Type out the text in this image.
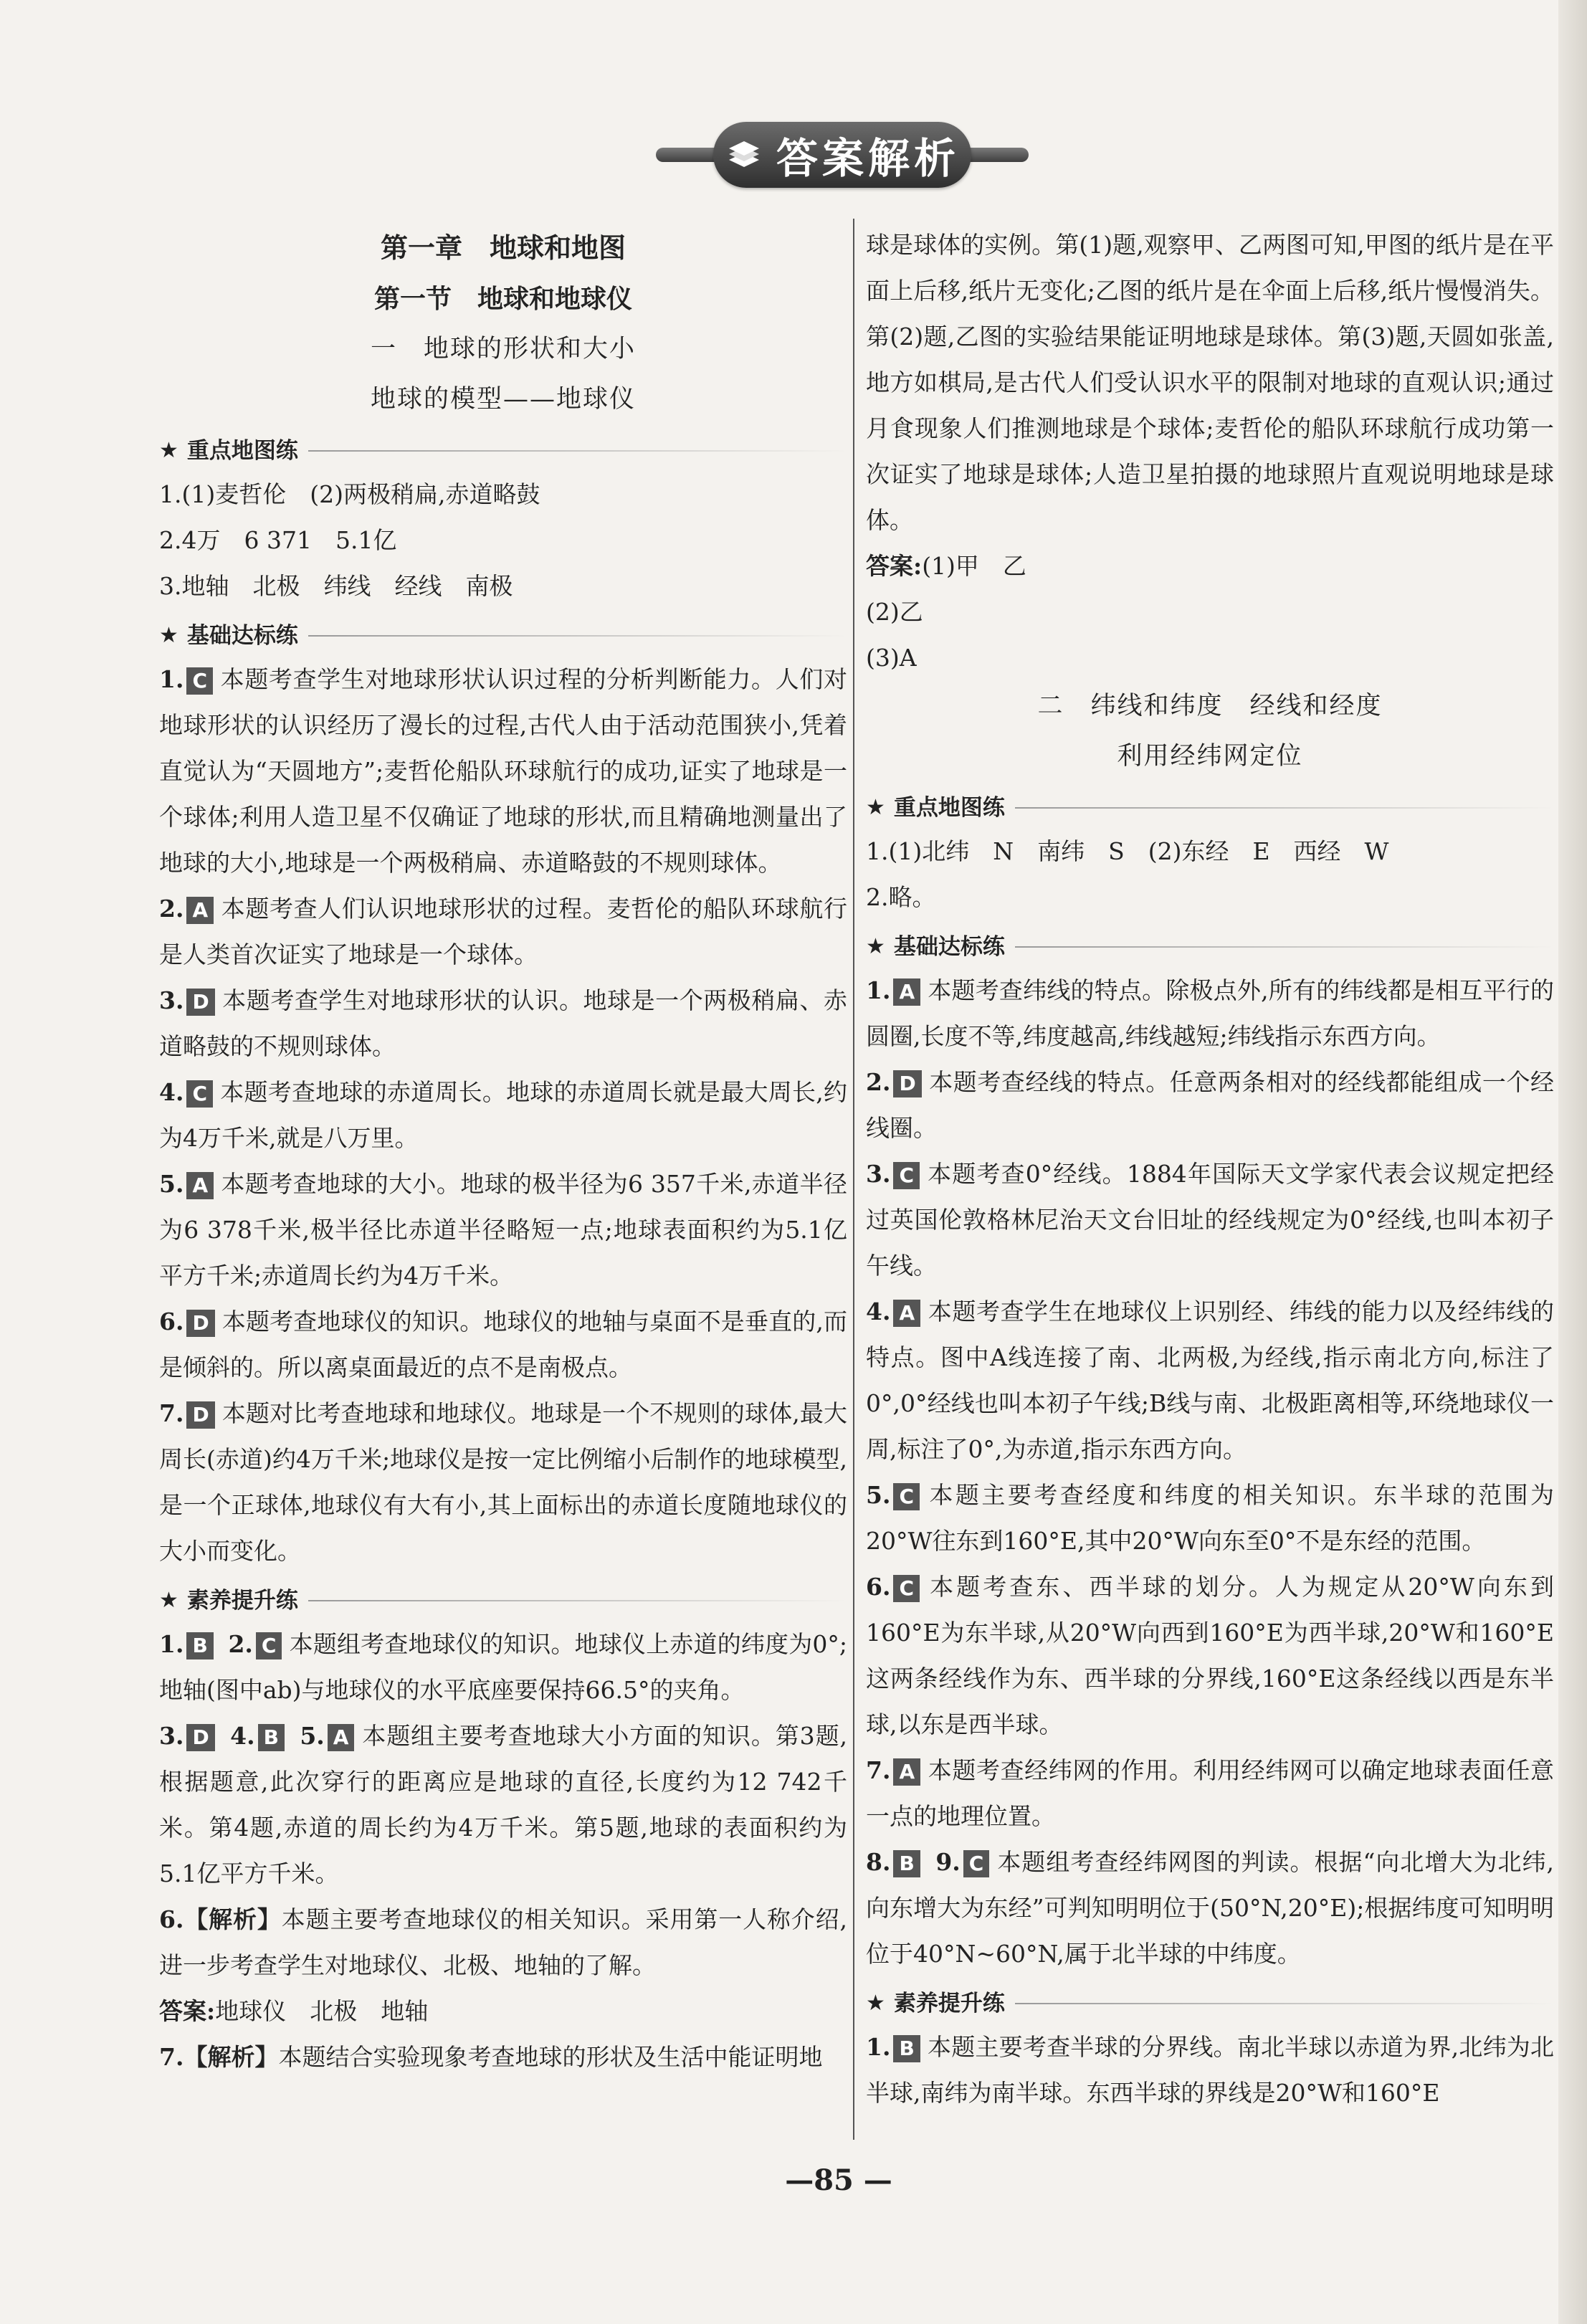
答案解析
第一章　地球和地图
第一节　地球和地球仪
一　地球的形状和大小
地球的模型——地球仪
★ 重点地图练
1.(1)麦哲伦　(2)两极稍扁,赤道略鼓
2.4万　6 371　5.1亿
3.地轴　北极　纬线　经线　南极
★ 基础达标练
1. C 本题考查学生对地球形状认识过程的分析判断能力。人们对地球形状的认识经历了漫长的过程,古代人由于活动范围狭小,凭着直觉认为“天圆地方”;麦哲伦船队环球航行的成功,证实了地球是一个球体;利用人造卫星不仅确证了地球的形状,而且精确地测量出了地球的大小,地球是一个两极稍扁、赤道略鼓的不规则球体。
2. A 本题考查人们认识地球形状的过程。麦哲伦的船队环球航行是人类首次证实了地球是一个球体。
3. D 本题考查学生对地球形状的认识。地球是一个两极稍扁、赤道略鼓的不规则球体。
4. C 本题考查地球的赤道周长。地球的赤道周长就是最大周长,约为4万千米,就是八万里。
5. A 本题考查地球的大小。地球的极半径为6 357千米,赤道半径为6 378千米,极半径比赤道半径略短一点;地球表面积约为5.1亿平方千米;赤道周长约为4万千米。
6. D 本题考查地球仪的知识。地球仪的地轴与桌面不是垂直的,而是倾斜的。所以离桌面最近的点不是南极点。
7. D 本题对比考查地球和地球仪。地球是一个不规则的球体,最大周长(赤道)约4万千米;地球仪是按一定比例缩小后制作的地球模型,是一个正球体,地球仪有大有小,其上面标出的赤道长度随地球仪的大小而变化。
★ 素养提升练
1. B 2. C 本题组考查地球仪的知识。地球仪上赤道的纬度为0°;地轴(图中ab)与地球仪的水平底座要保持66.5°的夹角。
3. D 4. B 5. A 本题组主要考查地球大小方面的知识。第3题,根据题意,此次穿行的距离应是地球的直径,长度约为12 742千米。第4题,赤道的周长约为4万千米。第5题,地球的表面积约为5.1亿平方千米。
6.【解析】本题主要考查地球仪的相关知识。采用第一人称介绍,进一步考查学生对地球仪、北极、地轴的了解。
答案:地球仪　北极　地轴
7.【解析】本题结合实验现象考查地球的形状及生活中能证明地
球是球体的实例。第(1)题,观察甲、乙两图可知,甲图的纸片是在平面上后移,纸片无变化;乙图的纸片是在伞面上后移,纸片慢慢消失。第(2)题,乙图的实验结果能证明地球是球体。第(3)题,天圆如张盖,地方如棋局,是古代人们受认识水平的限制对地球的直观认识;通过月食现象人们推测地球是个球体;麦哲伦的船队环球航行成功第一次证实了地球是球体;人造卫星拍摄的地球照片直观说明地球是球体。
答案:(1)甲　乙
(2)乙
(3)A
二　纬线和纬度　经线和经度
利用经纬网定位
★ 重点地图练
1.(1)北纬　N　南纬　S　(2)东经　E　西经　W
2.略。
★ 基础达标练
1. A 本题考查纬线的特点。除极点外,所有的纬线都是相互平行的圆圈,长度不等,纬度越高,纬线越短;纬线指示东西方向。
2. D 本题考查经线的特点。任意两条相对的经线都能组成一个经线圈。
3. C 本题考查0°经线。1884年国际天文学家代表会议规定把经过英国伦敦格林尼治天文台旧址的经线规定为0°经线,也叫本初子午线。
4. A 本题考查学生在地球仪上识别经、纬线的能力以及经纬线的特点。图中A线连接了南、北两极,为经线,指示南北方向,标注了0°,0°经线也叫本初子午线;B线与南、北极距离相等,环绕地球仪一周,标注了0°,为赤道,指示东西方向。
5. C 本题主要考查经度和纬度的相关知识。东半球的范围为20°W往东到160°E,其中20°W向东至0°不是东经的范围。
6. C 本题考查东、西半球的划分。人为规定从20°W向东到160°E为东半球,从20°W向西到160°E为西半球,20°W和160°E这两条经线作为东、西半球的分界线,160°E这条经线以西是东半球,以东是西半球。
7. A 本题考查经纬网的作用。利用经纬网可以确定地球表面任意一点的地理位置。
8. B 9. C 本题组考查经纬网图的判读。根据“向北增大为北纬,向东增大为东经”可判知明明位于(50°N,20°E);根据纬度可知明明位于40°N~60°N,属于北半球的中纬度。
★ 素养提升练
1. B 本题主要考查半球的分界线。南北半球以赤道为界,北纬为北半球,南纬为南半球。东西半球的界线是20°W和160°E
—85 —
